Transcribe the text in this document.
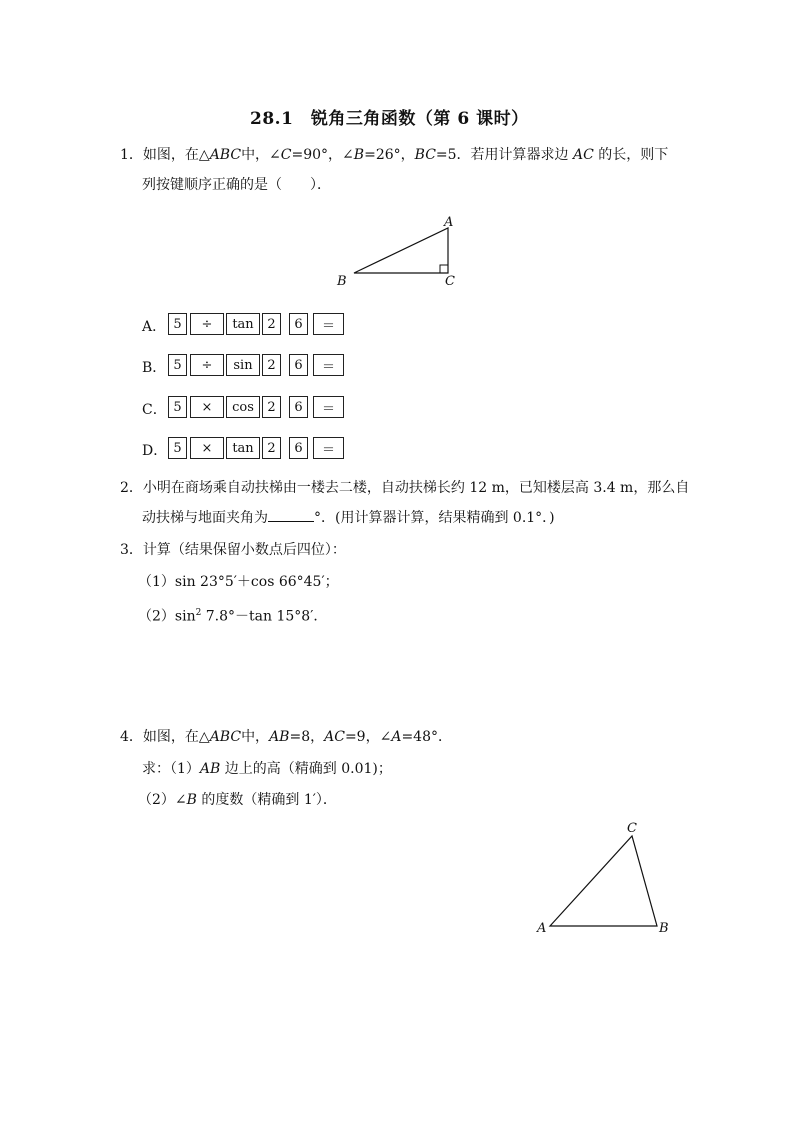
28.1　锐角三角函数（第 6 课时）
1．如图，在△ABC中，∠C=90°，∠B=26°，BC=5．若用计算器求边 AC 的长，则下
列按键顺序正确的是（　　）．
A
B	C
A． 5	÷	tan	2	6	＝
B． 5	÷	sin	2	6	＝
C． 5	×	cos	2	6	＝
D． 5	×	tan	2	6	＝
2．小明在商场乘自动扶梯由一楼去二楼，自动扶梯长约 12 m，已知楼层高 3.4 m，那么自
动扶梯与地面夹角为	°．(用计算器计算，结果精确到 0.1°．)
3．计算（结果保留小数点后四位）：
（1）sin 23°5′＋cos 66°45′；
$(2)\sin^2$ 7.8°－tan 15°8′．
4．如图，在△ABC中，AB=8，AC=9，∠A=48°．
求：（1）AB 边上的高（精确到 0.01)；
（2）∠B 的度数（精确到 1′）．
C
A	B
